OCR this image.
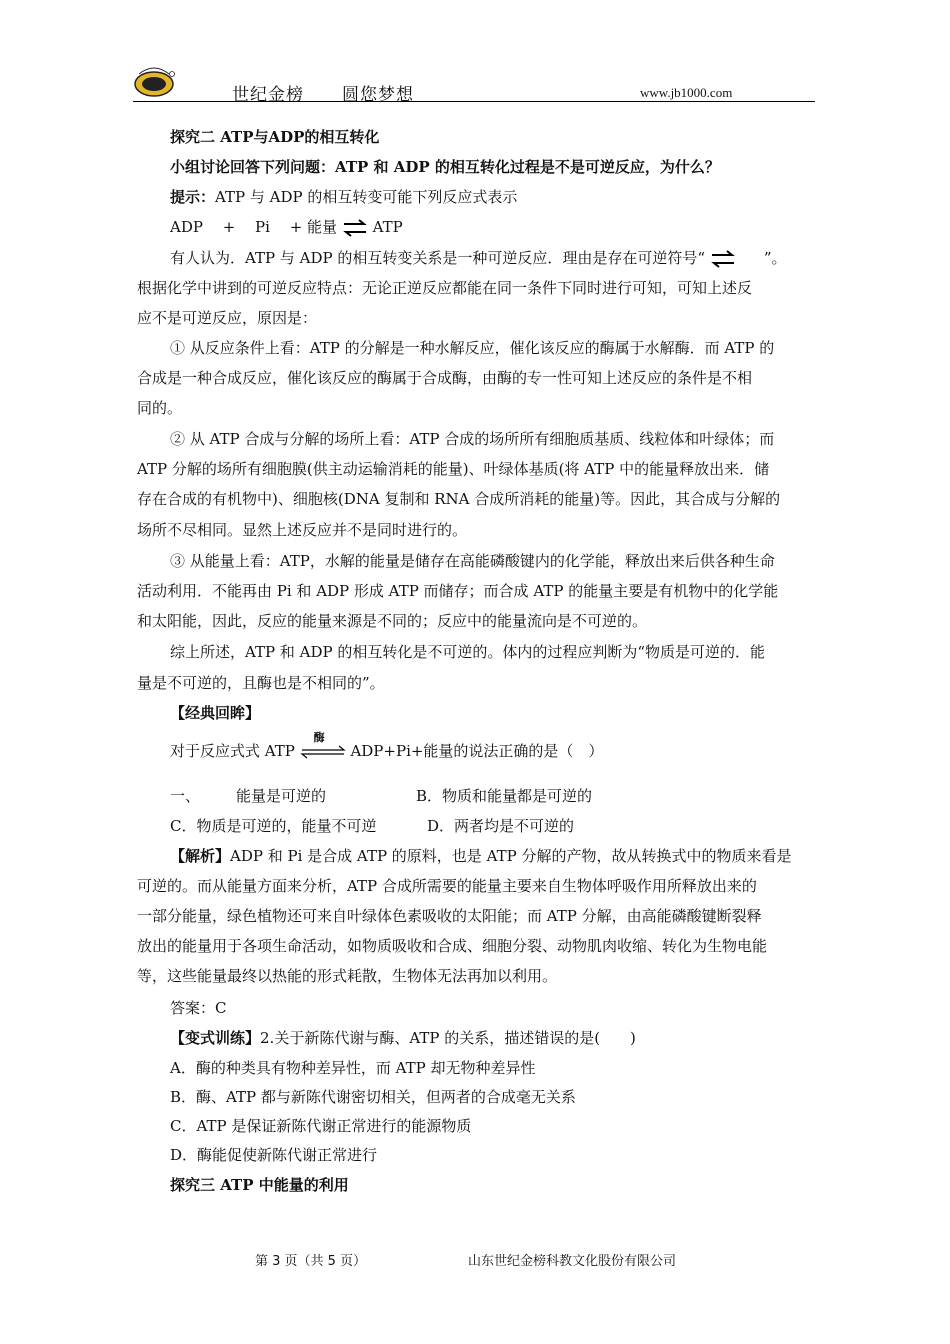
世纪金榜 圆您梦想	www.jb1000.com
探究二 ATP与ADP的相互转化
小组讨论回答下列问题：ATP 和 ADP 的相互转化过程是不是可逆反应，为什么？
提示：ATP 与 ADP 的相互转变可能下列反应式表示
ADP　 +　 Pi　 + 能量 ⇌ ATP
有人认为．ATP 与 ADP 的相互转变关系是一种可逆反应．理由是存在可逆符号“ ⇌ ”。
根据化学中讲到的可逆反应特点：无论正逆反应都能在同一条件下同时进行可知，可知上述反
应不是可逆反应，原因是：
① 从反应条件上看：ATP 的分解是一种水解反应，催化该反应的酶属于水解酶．而 ATP 的
合成是一种合成反应，催化该反应的酶属于合成酶，由酶的专一性可知上述反应的条件是不相
同的。
② 从 ATP 合成与分解的场所上看：ATP 合成的场所所有细胞质基质、线粒体和叶绿体；而
ATP 分解的场所有细胞膜(供主动运输消耗的能量)、叶绿体基质(将 ATP 中的能量释放出来．储
存在合成的有机物中)、细胞核(DNA 复制和 RNA 合成所消耗的能量)等。因此，其合成与分解的
场所不尽相同。显然上述反应并不是同时进行的。
③ 从能量上看：ATP，水解的能量是储存在高能磷酸键内的化学能，释放出来后供各种生命
活动利用．不能再由 Pi 和 ADP 形成 ATP 而储存；而合成 ATP 的能量主要是有机物中的化学能
和太阳能，因此，反应的能量来源是不同的；反应中的能量流向是不可逆的。
综上所述，ATP 和 ADP 的相互转化是不可逆的。体内的过程应判断为“物质是可逆的．能
量是不可逆的，且酶也是不相同的”。
【经典回眸】
对于反应式式 ATP
酶
ADP+Pi+能量的说法正确的是（　）
一、 能量是可逆的	B．物质和能量都是可逆的
C．物质是可逆的，能量不可逆	D．两者均是不可逆的
【解析】ADP 和 Pi 是合成 ATP 的原料，也是 ATP 分解的产物，故从转换式中的物质来看是
可逆的。而从能量方面来分析，ATP 合成所需要的能量主要来自生物体呼吸作用所释放出来的
一部分能量，绿色植物还可来自叶绿体色素吸收的太阳能；而 ATP 分解，由高能磷酸键断裂释
放出的能量用于各项生命活动，如物质吸收和合成、细胞分裂、动物肌肉收缩、转化为生物电能
等，这些能量最终以热能的形式耗散，生物体无法再加以利用。
答案：C
【变式训练】2.关于新陈代谢与酶、ATP 的关系，描述错误的是(　　)
A．酶的种类具有物种差异性，而 ATP 却无物种差异性
B．酶、ATP 都与新陈代谢密切相关，但两者的合成毫无关系
C．ATP 是保证新陈代谢正常进行的能源物质
D．酶能促使新陈代谢正常进行
探究三 ATP 中能量的利用
第 3 页（共 5 页）	山东世纪金榜科教文化股份有限公司
